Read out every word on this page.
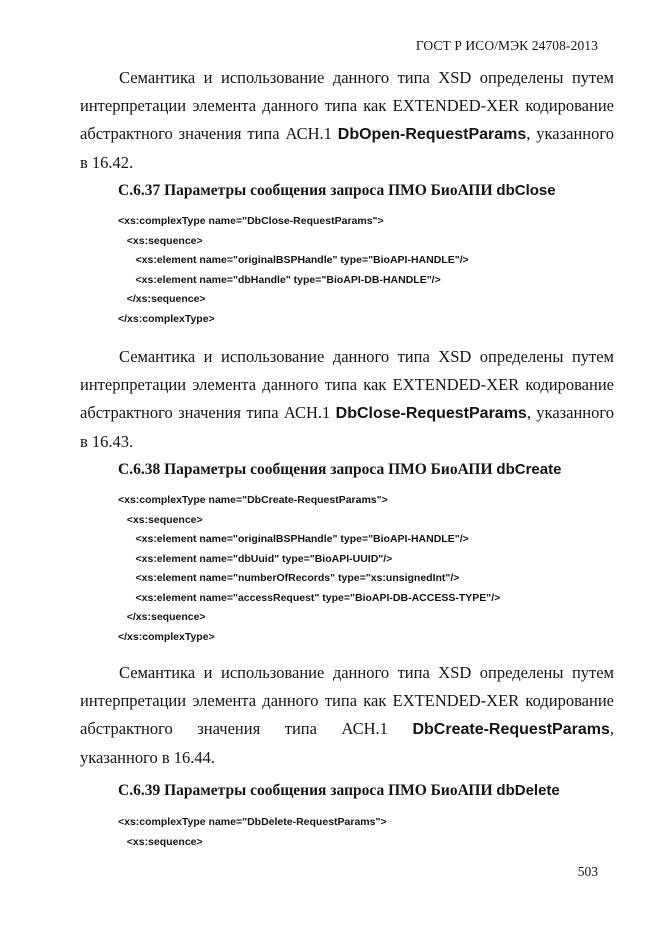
ГОСТ Р ИСО/МЭК 24708-2013

Семантика и использование данного типа XSD определены путем интерпретации элемента данного типа как EXTENDED-XER кодирование абстрактного значения типа АСН.1 DbOpen-RequestParams, указанного в 16.42.

С.6.37 Параметры сообщения запроса ПМО БиоАПИ dbClose
<xs:complexType name="DbClose-RequestParams">
<xs:sequence>
<xs:element name="originalBSPHandle" type="BioAPI-HANDLE"/>
<xs:element name="dbHandle" type="BioAPI-DB-HANDLE"/>
</xs:sequence>
</xs:complexType>

Семантика и использование данного типа XSD определены путем интерпретации элемента данного типа как EXTENDED-XER кодирование абстрактного значения типа АСН.1 DbClose-RequestParams, указанного в 16.43.

С.6.38 Параметры сообщения запроса ПМО БиоАПИ dbCreate
<xs:complexType name="DbCreate-RequestParams">
<xs:sequence>
<xs:element name="originalBSPHandle" type="BioAPI-HANDLE"/>
<xs:element name="dbUuid" type="BioAPI-UUID"/>
<xs:element name="numberOfRecords" type="xs:unsignedInt"/>
<xs:element name="accessRequest" type="BioAPI-DB-ACCESS-TYPE"/>
</xs:sequence>
</xs:complexType>

Семантика и использование данного типа XSD определены путем интерпретации элемента данного типа как EXTENDED-XER кодирование абстрактного значения типа АСН.1 DbCreate-RequestParams, указанного в 16.44.

С.6.39 Параметры сообщения запроса ПМО БиоАПИ dbDelete
<xs:complexType name="DbDelete-RequestParams">
<xs:sequence>
503
